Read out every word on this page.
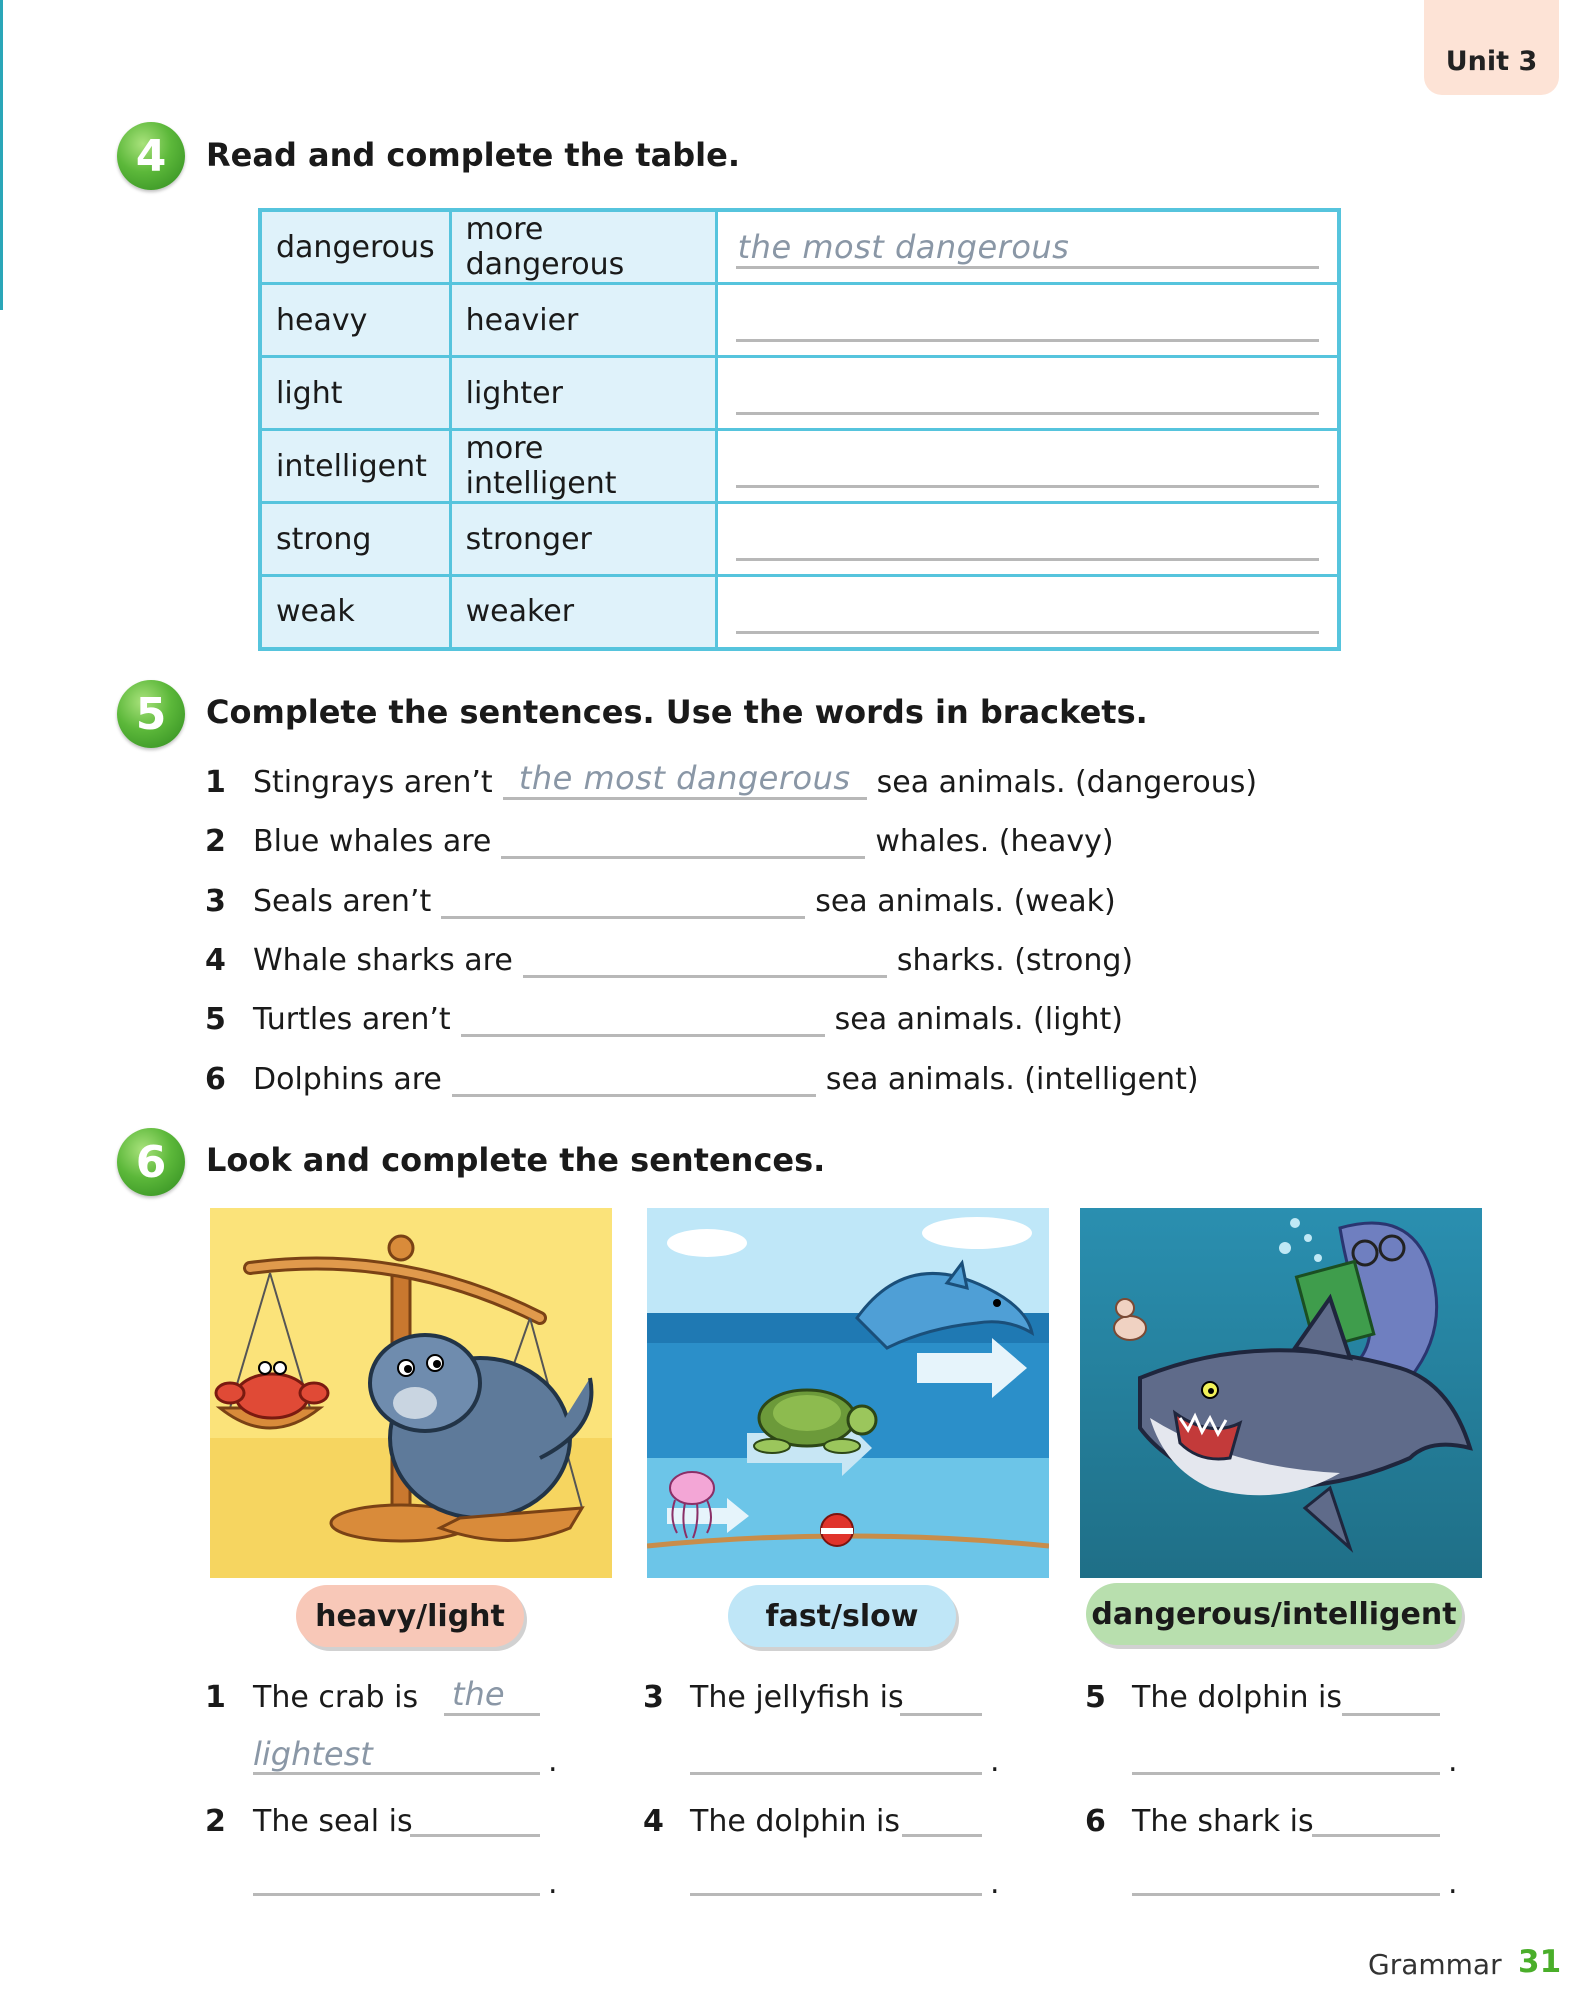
Unit 3
4 Read and complete the table.
dangerous	more dangerous	the most dangerous

heavy	heavier	

light	lighter	

intelligent	more intelligent	

strong	stronger	

weak	weaker	
5 Complete the sentences. Use the words in brackets.
1 Stingrays aren’t the most dangerous sea animals. (dangerous)
2 Blue whales are	whales. (heavy)
3 Seals aren’t	sea animals. (weak)
4 Whale sharks are	sharks. (strong)
5 Turtles aren’t	sea animals. (light)
6 Dolphins are	sea animals. (intelligent)
6 Look and complete the sentences.
heavy/light	fast/slow	dangerous/intelligent
1 The crab is the
lightest	.
2 The seal is
.
3 The jellyfish is
.
4 The dolphin is
.
5 The dolphin is
.
6 The shark is
.
Grammar 31
